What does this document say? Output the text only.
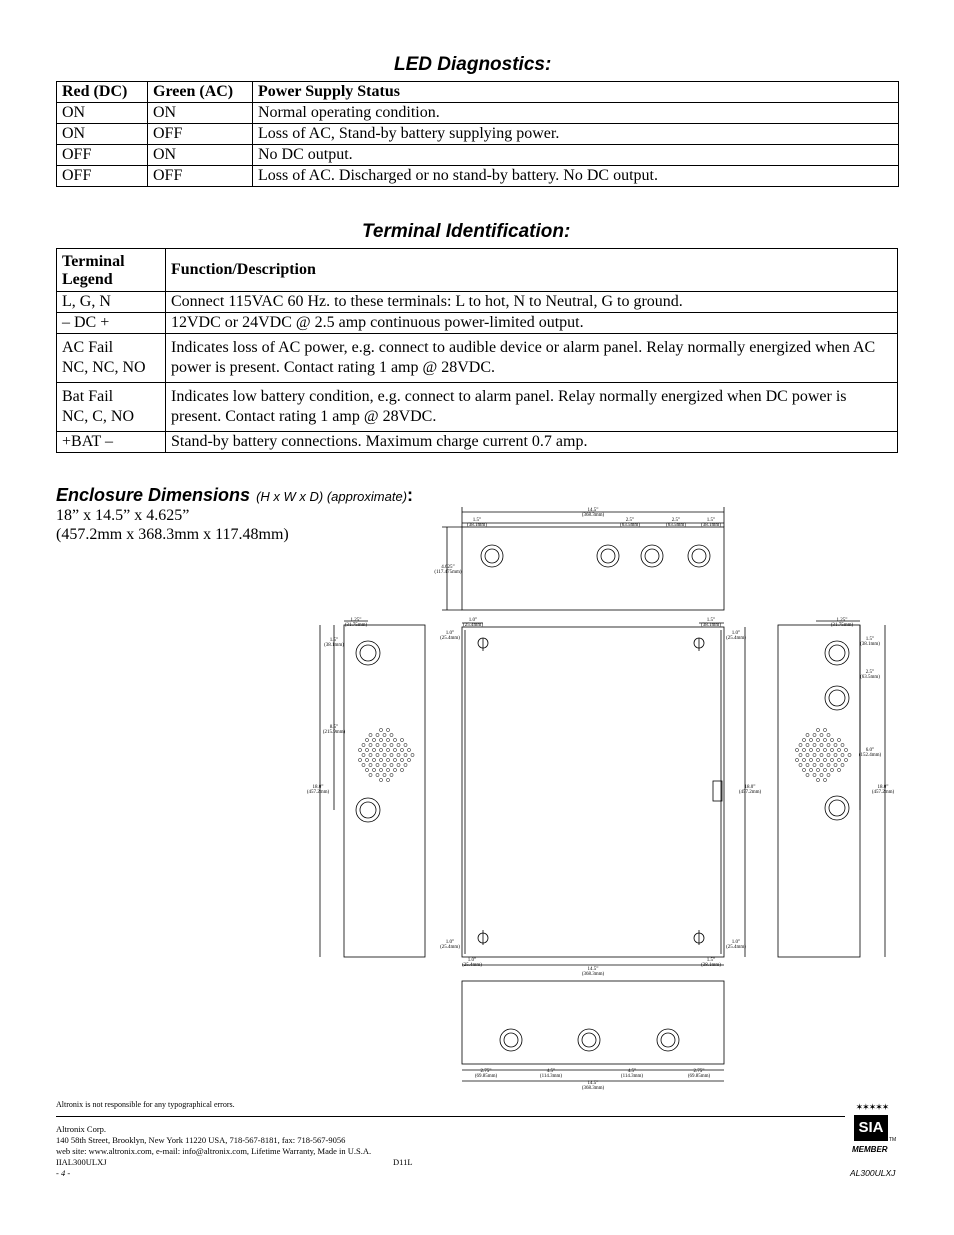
LED Diagnostics:
Red (DC)	Green (AC)	Power Supply Status
ON	ON	Normal operating condition.
ON	OFF	Loss of AC, Stand-by battery supplying power.
OFF	ON	No DC output.
OFF	OFF	Loss of AC. Discharged or no stand-by battery. No DC output.
Terminal Identification:
Terminal
Legend	Function/Description
L, G, N	Connect 115VAC 60 Hz. to these terminals: L to hot, N to Neutral, G to ground.
– DC +	12VDC or 24VDC @ 2.5 amp continuous power-limited output.
AC Fail
NC, NC, NO	Indicates loss of AC power, e.g. connect to audible device or alarm panel. Relay normally energized when AC power is present. Contact rating 1 amp @ 28VDC.
Bat Fail
NC, C, NO	Indicates low battery condition, e.g. connect to alarm panel. Relay normally energized when DC power is present. Contact rating 1 amp @ 28VDC.
+BAT –	Stand-by battery connections. Maximum charge current 0.7 amp.
Enclosure Dimensions (H x W x D) (approximate):
18” x 14.5” x 4.625”
(457.2mm x 368.3mm x 117.48mm)
14.5”
(368.3mm)
1.5”
(38.1mm)
2.5”
(63.5mm)
2.5”
(63.5mm)
1.5”
(38.1mm)
4.625”
(117.475mm)
1.25”
(31.75mm)
1.5”
(38.1mm)
8.5”
(215.9mm)
18.0”
(457.2mm)
1.0”
(25.4mm)
1.5”
(38.1mm)
1.0”
(25.4mm)
1.0”
(25.4mm)
18.0”
(457.2mm)
1.0”
(25.4mm)
1.0”
(25.4mm)
1.0”
(25.4mm)
1.5”
(38.1mm)
14.5”
(368.3mm)
1.25”
(31.75mm)
1.5”
(38.1mm)
2.5”
(63.5mm)
6.0”
(152.4mm)
18.0”
(457.2mm)
2.75”
(69.85mm)
4.5”
(114.3mm)
4.5”
(114.3mm)
2.75”
(69.85mm)
14.5”
(368.3mm)
Altronix is not responsible for any typographical errors.
Altronix Corp.
140 58th Street, Brooklyn, New York 11220 USA, 718-567-8181, fax: 718-567-9056
web site: www.altronix.com, e-mail: info@altronix.com, Lifetime Warranty, Made in U.S.A.
IIAL300ULXJ	D11L
- 4 -
✶✶✶✶✶
SIA
TM
MEMBER
AL300ULXJ
